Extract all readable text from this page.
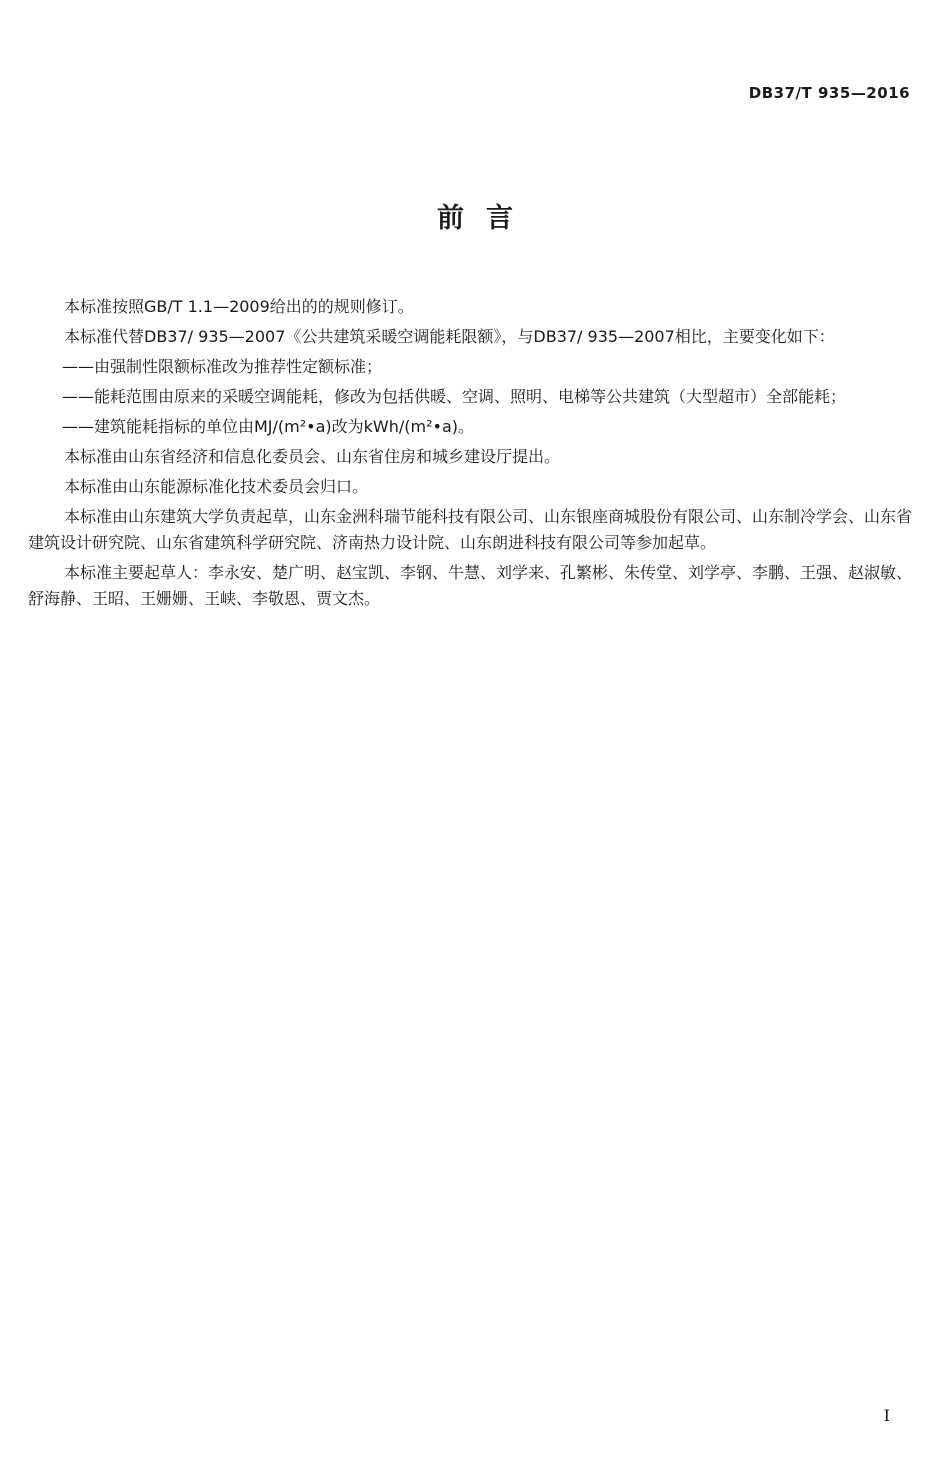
DB37/T 935—2016
前言

本标准按照GB/T 1.1—2009给出的的规则修订。

本标准代替DB37/ 935—2007《公共建筑采暖空调能耗限额》，与DB37/ 935—2007相比，主要变化如下：

——由强制性限额标准改为推荐性定额标准；

——能耗范围由原来的采暖空调能耗，修改为包括供暖、空调、照明、电梯等公共建筑（大型超市）全部能耗；

——建筑能耗指标的单位由MJ/(m²•a)改为kWh/(m²•a)。

本标准由山东省经济和信息化委员会、山东省住房和城乡建设厅提出。

本标准由山东能源标准化技术委员会归口。

本标准由山东建筑大学负责起草，山东金洲科瑞节能科技有限公司、山东银座商城股份有限公司、山东制冷学会、山东省建筑设计研究院、山东省建筑科学研究院、济南热力设计院、山东朗进科技有限公司等参加起草。

本标准主要起草人：李永安、楚广明、赵宝凯、李钢、牛慧、刘学来、孔繁彬、朱传堂、刘学亭、李鹏、王强、赵淑敏、舒海静、王昭、王姗姗、王峡、李敬恩、贾文杰。

I
